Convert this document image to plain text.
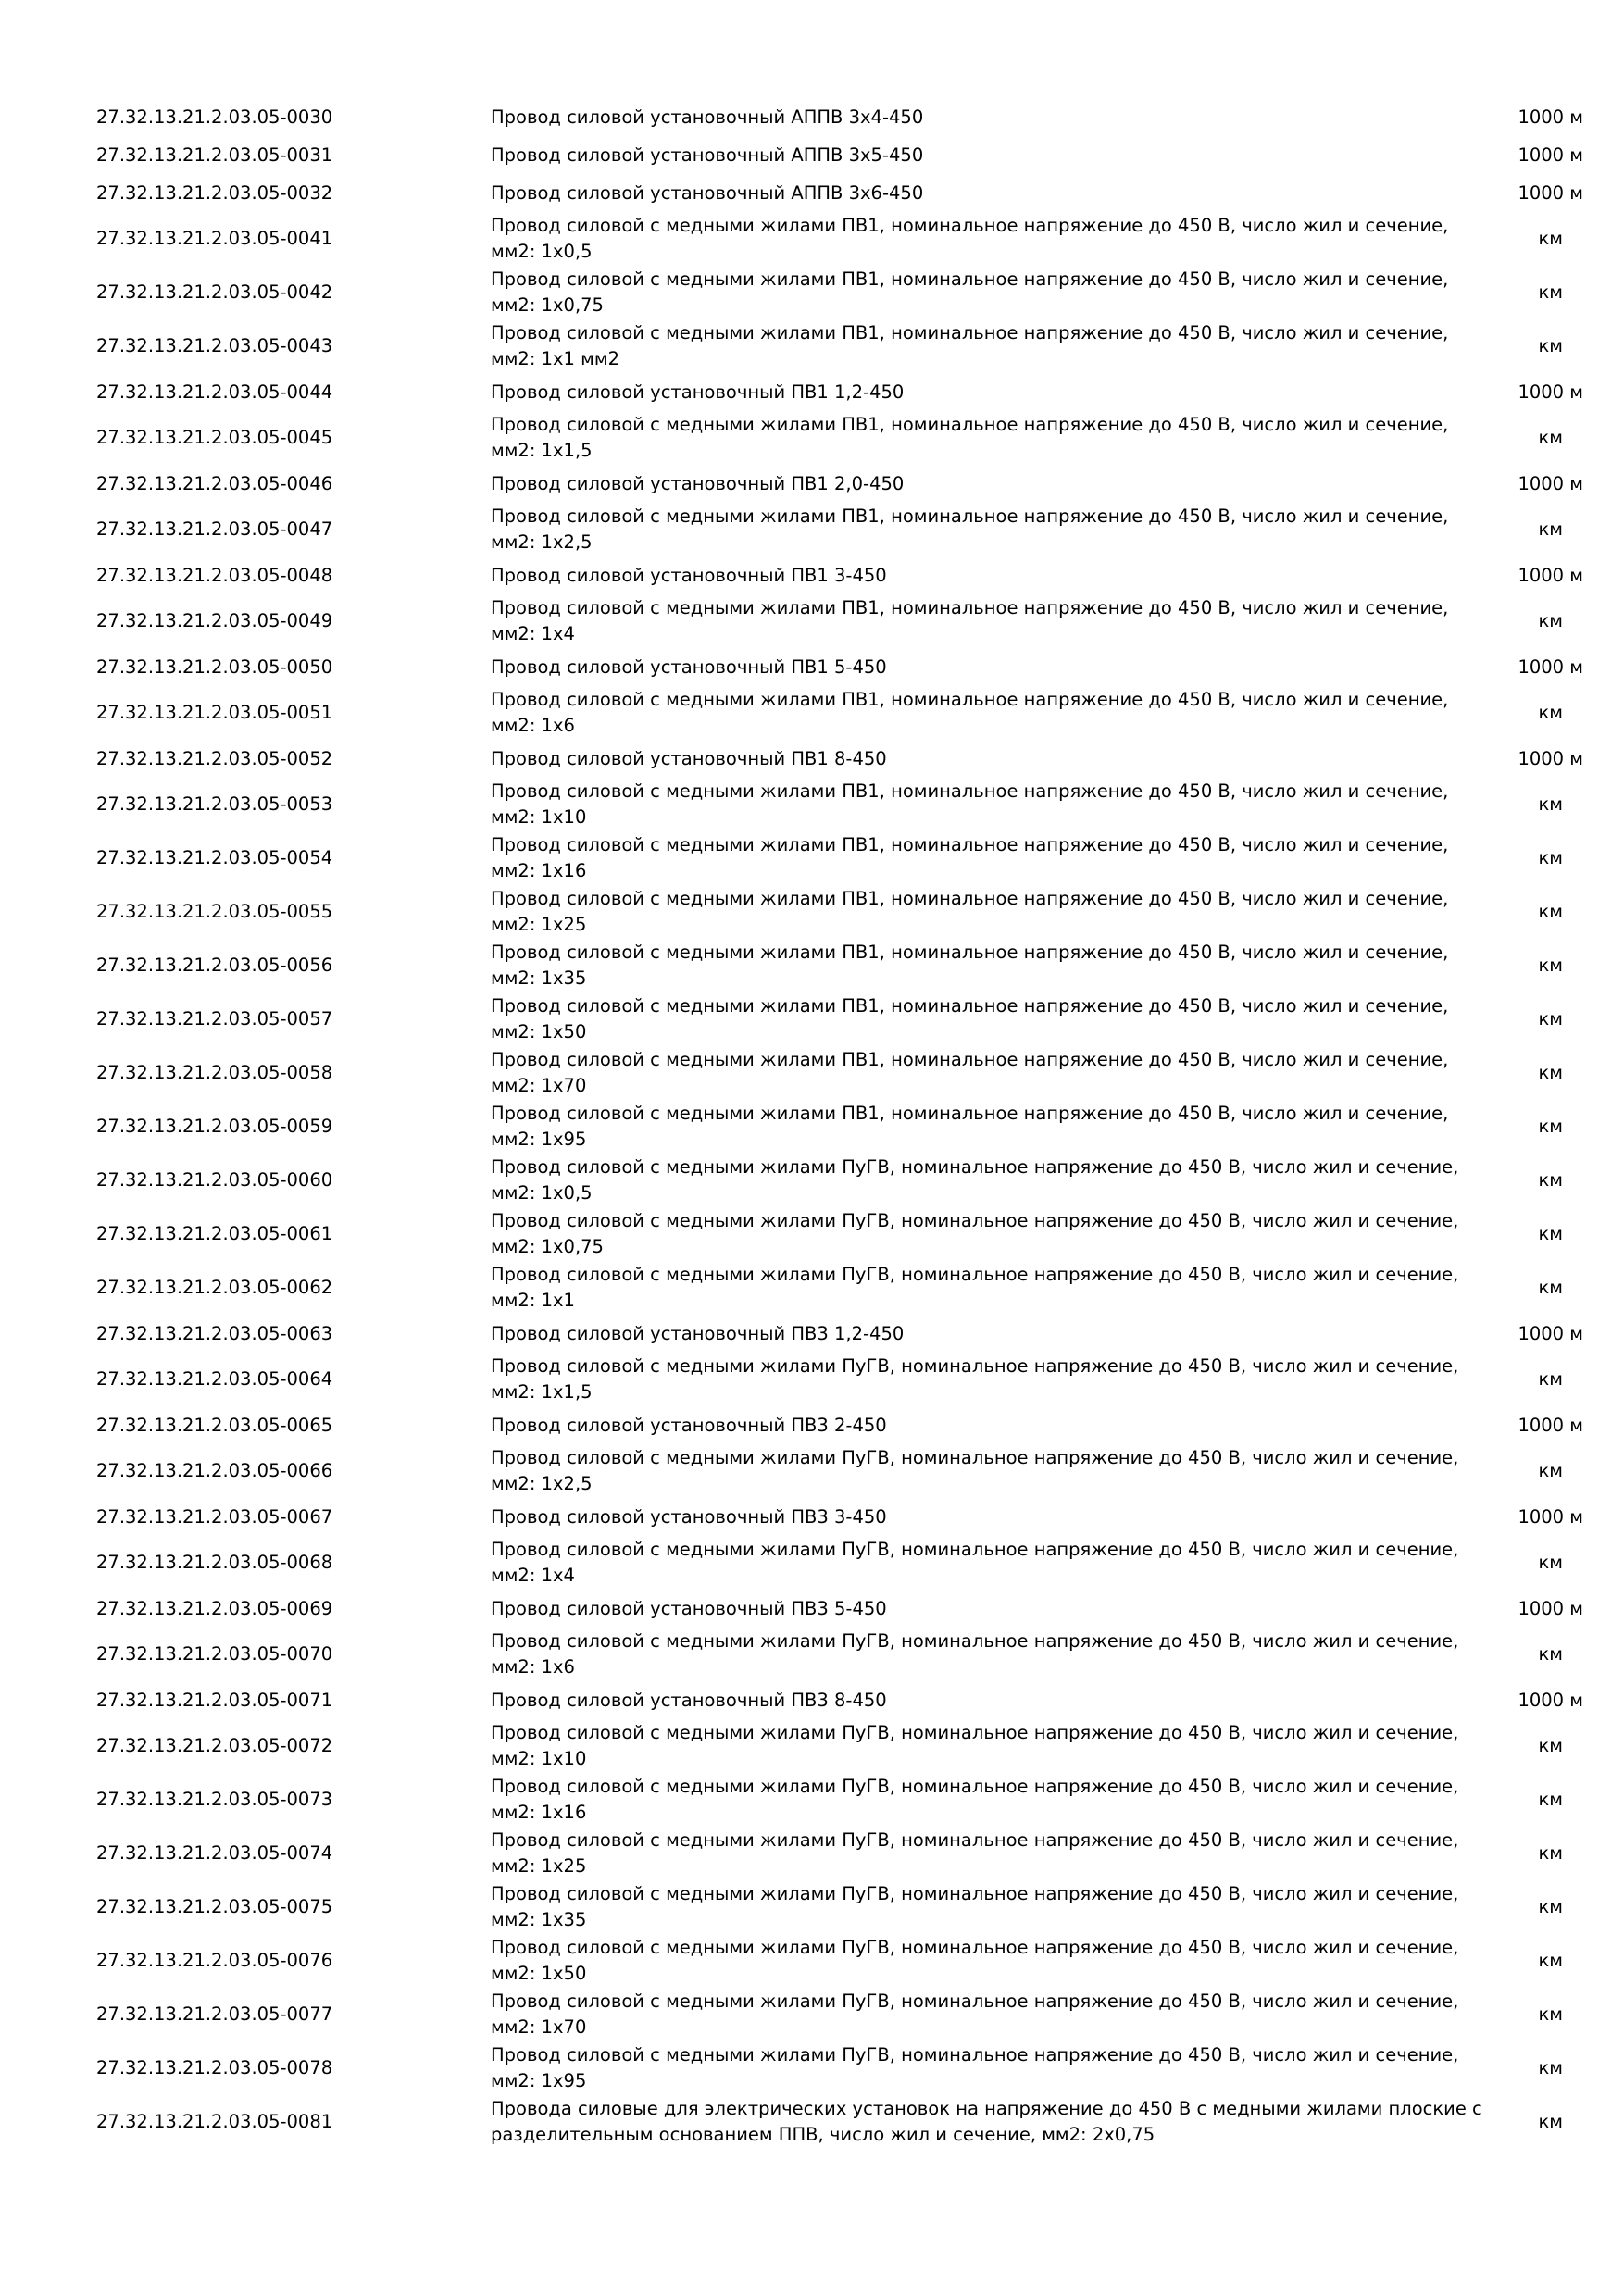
27.32.13.21.2.03.05-0030	Провод силовой установочный АППВ 3х4-450	1000 м
27.32.13.21.2.03.05-0031	Провод силовой установочный АППВ 3х5-450	1000 м
27.32.13.21.2.03.05-0032	Провод силовой установочный АППВ 3х6-450	1000 м
27.32.13.21.2.03.05-0041	Провод силовой с медными жилами ПВ1, номинальное напряжение до 450 В, число жил и сечение, мм2: 1х0,5	км
27.32.13.21.2.03.05-0042	Провод силовой с медными жилами ПВ1, номинальное напряжение до 450 В, число жил и сечение, мм2: 1х0,75	км
27.32.13.21.2.03.05-0043	Провод силовой с медными жилами ПВ1, номинальное напряжение до 450 В, число жил и сечение, мм2: 1х1 мм2	км
27.32.13.21.2.03.05-0044	Провод силовой установочный ПВ1 1,2-450	1000 м
27.32.13.21.2.03.05-0045	Провод силовой с медными жилами ПВ1, номинальное напряжение до 450 В, число жил и сечение, мм2: 1х1,5	км
27.32.13.21.2.03.05-0046	Провод силовой установочный ПВ1 2,0-450	1000 м
27.32.13.21.2.03.05-0047	Провод силовой с медными жилами ПВ1, номинальное напряжение до 450 В, число жил и сечение, мм2: 1х2,5	км
27.32.13.21.2.03.05-0048	Провод силовой установочный ПВ1 3-450	1000 м
27.32.13.21.2.03.05-0049	Провод силовой с медными жилами ПВ1, номинальное напряжение до 450 В, число жил и сечение, мм2: 1х4	км
27.32.13.21.2.03.05-0050	Провод силовой установочный ПВ1 5-450	1000 м
27.32.13.21.2.03.05-0051	Провод силовой с медными жилами ПВ1, номинальное напряжение до 450 В, число жил и сечение, мм2: 1х6	км
27.32.13.21.2.03.05-0052	Провод силовой установочный ПВ1 8-450	1000 м
27.32.13.21.2.03.05-0053	Провод силовой с медными жилами ПВ1, номинальное напряжение до 450 В, число жил и сечение, мм2: 1х10	км
27.32.13.21.2.03.05-0054	Провод силовой с медными жилами ПВ1, номинальное напряжение до 450 В, число жил и сечение, мм2: 1х16	км
27.32.13.21.2.03.05-0055	Провод силовой с медными жилами ПВ1, номинальное напряжение до 450 В, число жил и сечение, мм2: 1х25	км
27.32.13.21.2.03.05-0056	Провод силовой с медными жилами ПВ1, номинальное напряжение до 450 В, число жил и сечение, мм2: 1х35	км
27.32.13.21.2.03.05-0057	Провод силовой с медными жилами ПВ1, номинальное напряжение до 450 В, число жил и сечение, мм2: 1х50	км
27.32.13.21.2.03.05-0058	Провод силовой с медными жилами ПВ1, номинальное напряжение до 450 В, число жил и сечение, мм2: 1х70	км
27.32.13.21.2.03.05-0059	Провод силовой с медными жилами ПВ1, номинальное напряжение до 450 В, число жил и сечение, мм2: 1х95	км
27.32.13.21.2.03.05-0060	Провод силовой с медными жилами ПуГВ, номинальное напряжение до 450 В, число жил и сечение, мм2: 1х0,5	км
27.32.13.21.2.03.05-0061	Провод силовой с медными жилами ПуГВ, номинальное напряжение до 450 В, число жил и сечение, мм2: 1х0,75	км
27.32.13.21.2.03.05-0062	Провод силовой с медными жилами ПуГВ, номинальное напряжение до 450 В, число жил и сечение, мм2: 1х1	км
27.32.13.21.2.03.05-0063	Провод силовой установочный ПВ3 1,2-450	1000 м
27.32.13.21.2.03.05-0064	Провод силовой с медными жилами ПуГВ, номинальное напряжение до 450 В, число жил и сечение, мм2: 1х1,5	км
27.32.13.21.2.03.05-0065	Провод силовой установочный ПВ3 2-450	1000 м
27.32.13.21.2.03.05-0066	Провод силовой с медными жилами ПуГВ, номинальное напряжение до 450 В, число жил и сечение, мм2: 1х2,5	км
27.32.13.21.2.03.05-0067	Провод силовой установочный ПВ3 3-450	1000 м
27.32.13.21.2.03.05-0068	Провод силовой с медными жилами ПуГВ, номинальное напряжение до 450 В, число жил и сечение, мм2: 1х4	км
27.32.13.21.2.03.05-0069	Провод силовой установочный ПВ3 5-450	1000 м
27.32.13.21.2.03.05-0070	Провод силовой с медными жилами ПуГВ, номинальное напряжение до 450 В, число жил и сечение, мм2: 1х6	км
27.32.13.21.2.03.05-0071	Провод силовой установочный ПВ3 8-450	1000 м
27.32.13.21.2.03.05-0072	Провод силовой с медными жилами ПуГВ, номинальное напряжение до 450 В, число жил и сечение, мм2: 1х10	км
27.32.13.21.2.03.05-0073	Провод силовой с медными жилами ПуГВ, номинальное напряжение до 450 В, число жил и сечение, мм2: 1х16	км
27.32.13.21.2.03.05-0074	Провод силовой с медными жилами ПуГВ, номинальное напряжение до 450 В, число жил и сечение, мм2: 1х25	км
27.32.13.21.2.03.05-0075	Провод силовой с медными жилами ПуГВ, номинальное напряжение до 450 В, число жил и сечение, мм2: 1х35	км
27.32.13.21.2.03.05-0076	Провод силовой с медными жилами ПуГВ, номинальное напряжение до 450 В, число жил и сечение, мм2: 1х50	км
27.32.13.21.2.03.05-0077	Провод силовой с медными жилами ПуГВ, номинальное напряжение до 450 В, число жил и сечение, мм2: 1х70	км
27.32.13.21.2.03.05-0078	Провод силовой с медными жилами ПуГВ, номинальное напряжение до 450 В, число жил и сечение, мм2: 1х95	км
27.32.13.21.2.03.05-0081	Провода силовые для электрических установок на напряжение до 450 В с медными жилами плоские с разделительным основанием ППВ, число жил и сечение, мм2: 2х0,75	км
